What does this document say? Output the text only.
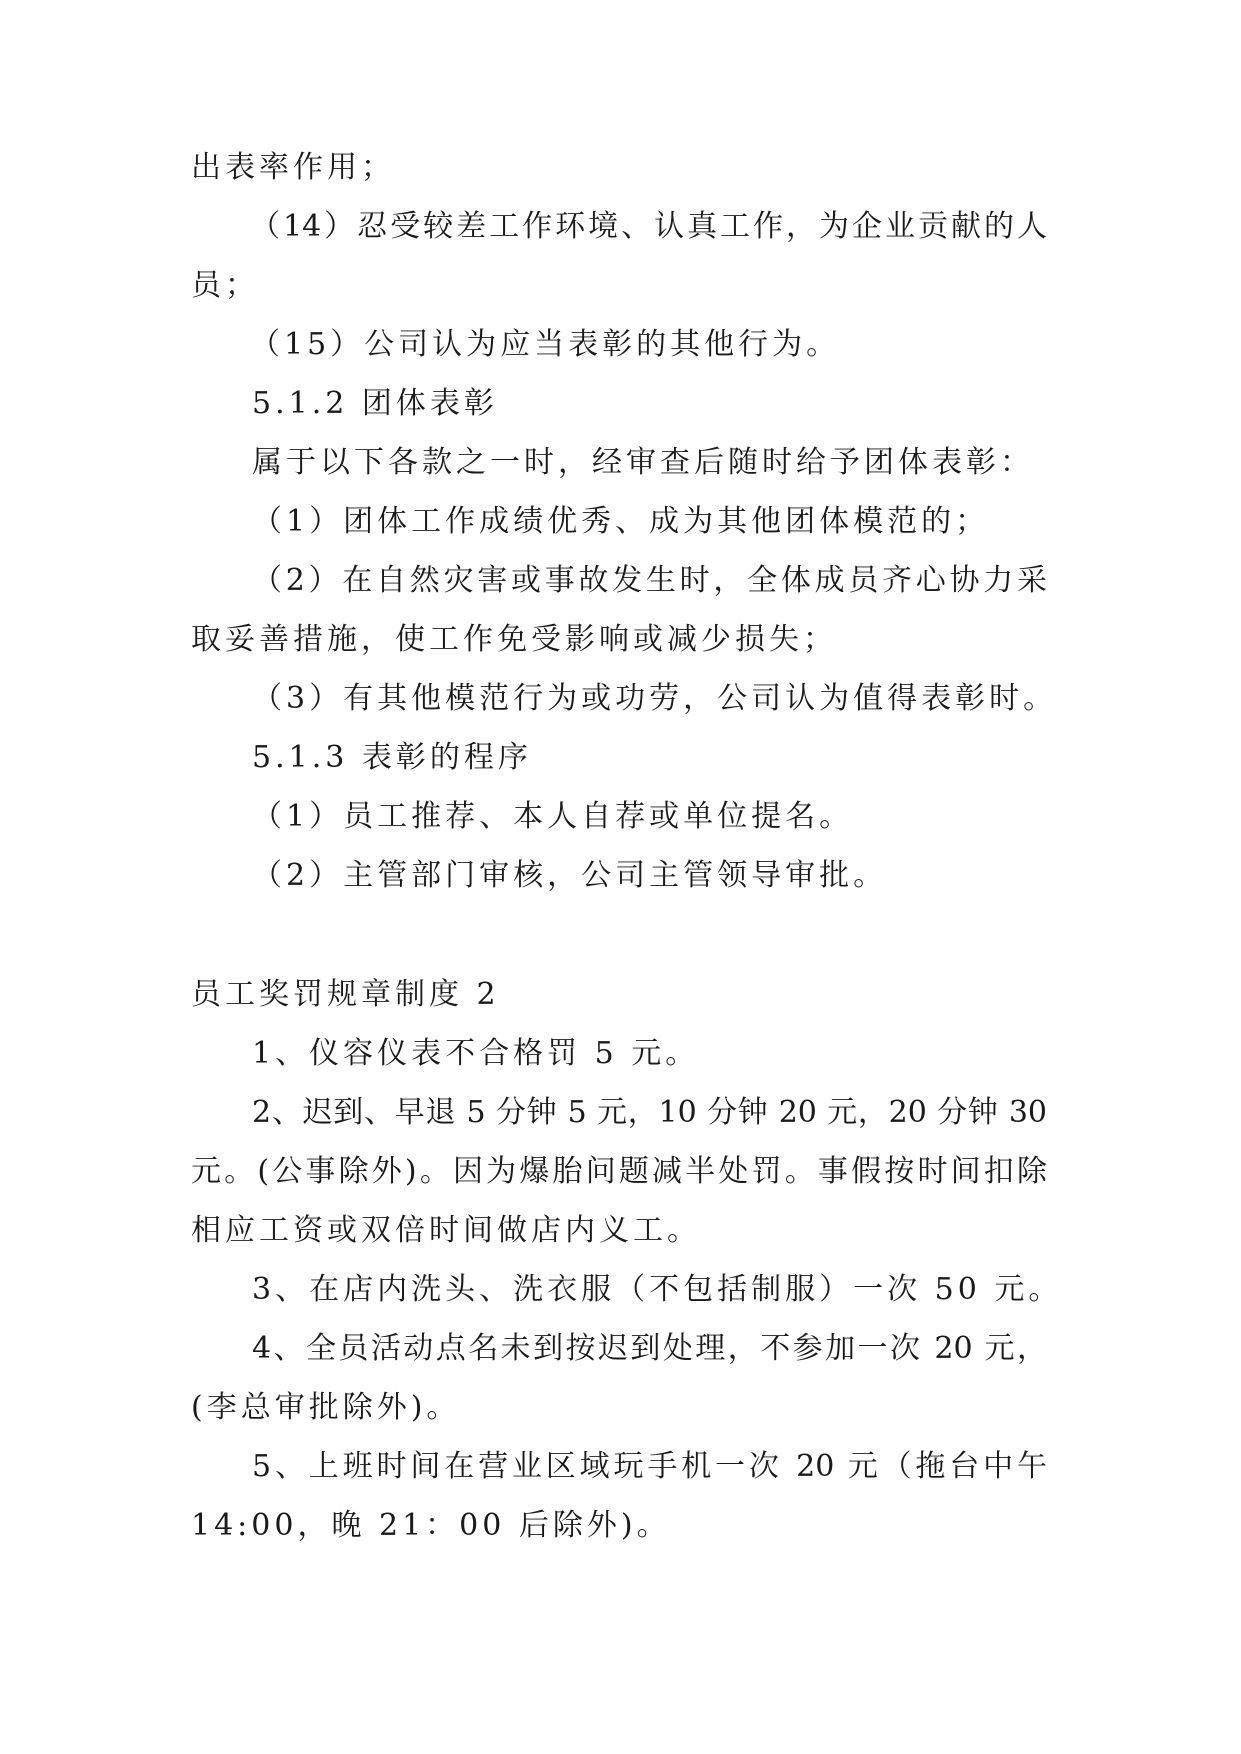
出表率作用；
（14）忍受较差工作环境、认真工作，为企业贡献的人
员；
（15）公司认为应当表彰的其他行为。
5.1.2 团体表彰
属于以下各款之一时，经审查后随时给予团体表彰：
（1）团体工作成绩优秀、成为其他团体模范的；
（2）在自然灾害或事故发生时，全体成员齐心协力采
取妥善措施，使工作免受影响或减少损失；
（3）有其他模范行为或功劳，公司认为值得表彰时。
5.1.3 表彰的程序
（1）员工推荐、本人自荐或单位提名。
（2）主管部门审核，公司主管领导审批。
员工奖罚规章制度 2
1、仪容仪表不合格罚 5 元。
2、迟到、早退 5 分钟 5 元，10 分钟 20 元，20 分钟 30
元。(公事除外)。因为爆胎问题减半处罚。事假按时间扣除
相应工资或双倍时间做店内义工。
3、在店内洗头、洗衣服（不包括制服）一次 50 元。
4、全员活动点名未到按迟到处理，不参加一次 20 元，
(李总审批除外)。
5、上班时间在营业区域玩手机一次 20 元（拖台中午
14:00，晚 21：00 后除外)。
